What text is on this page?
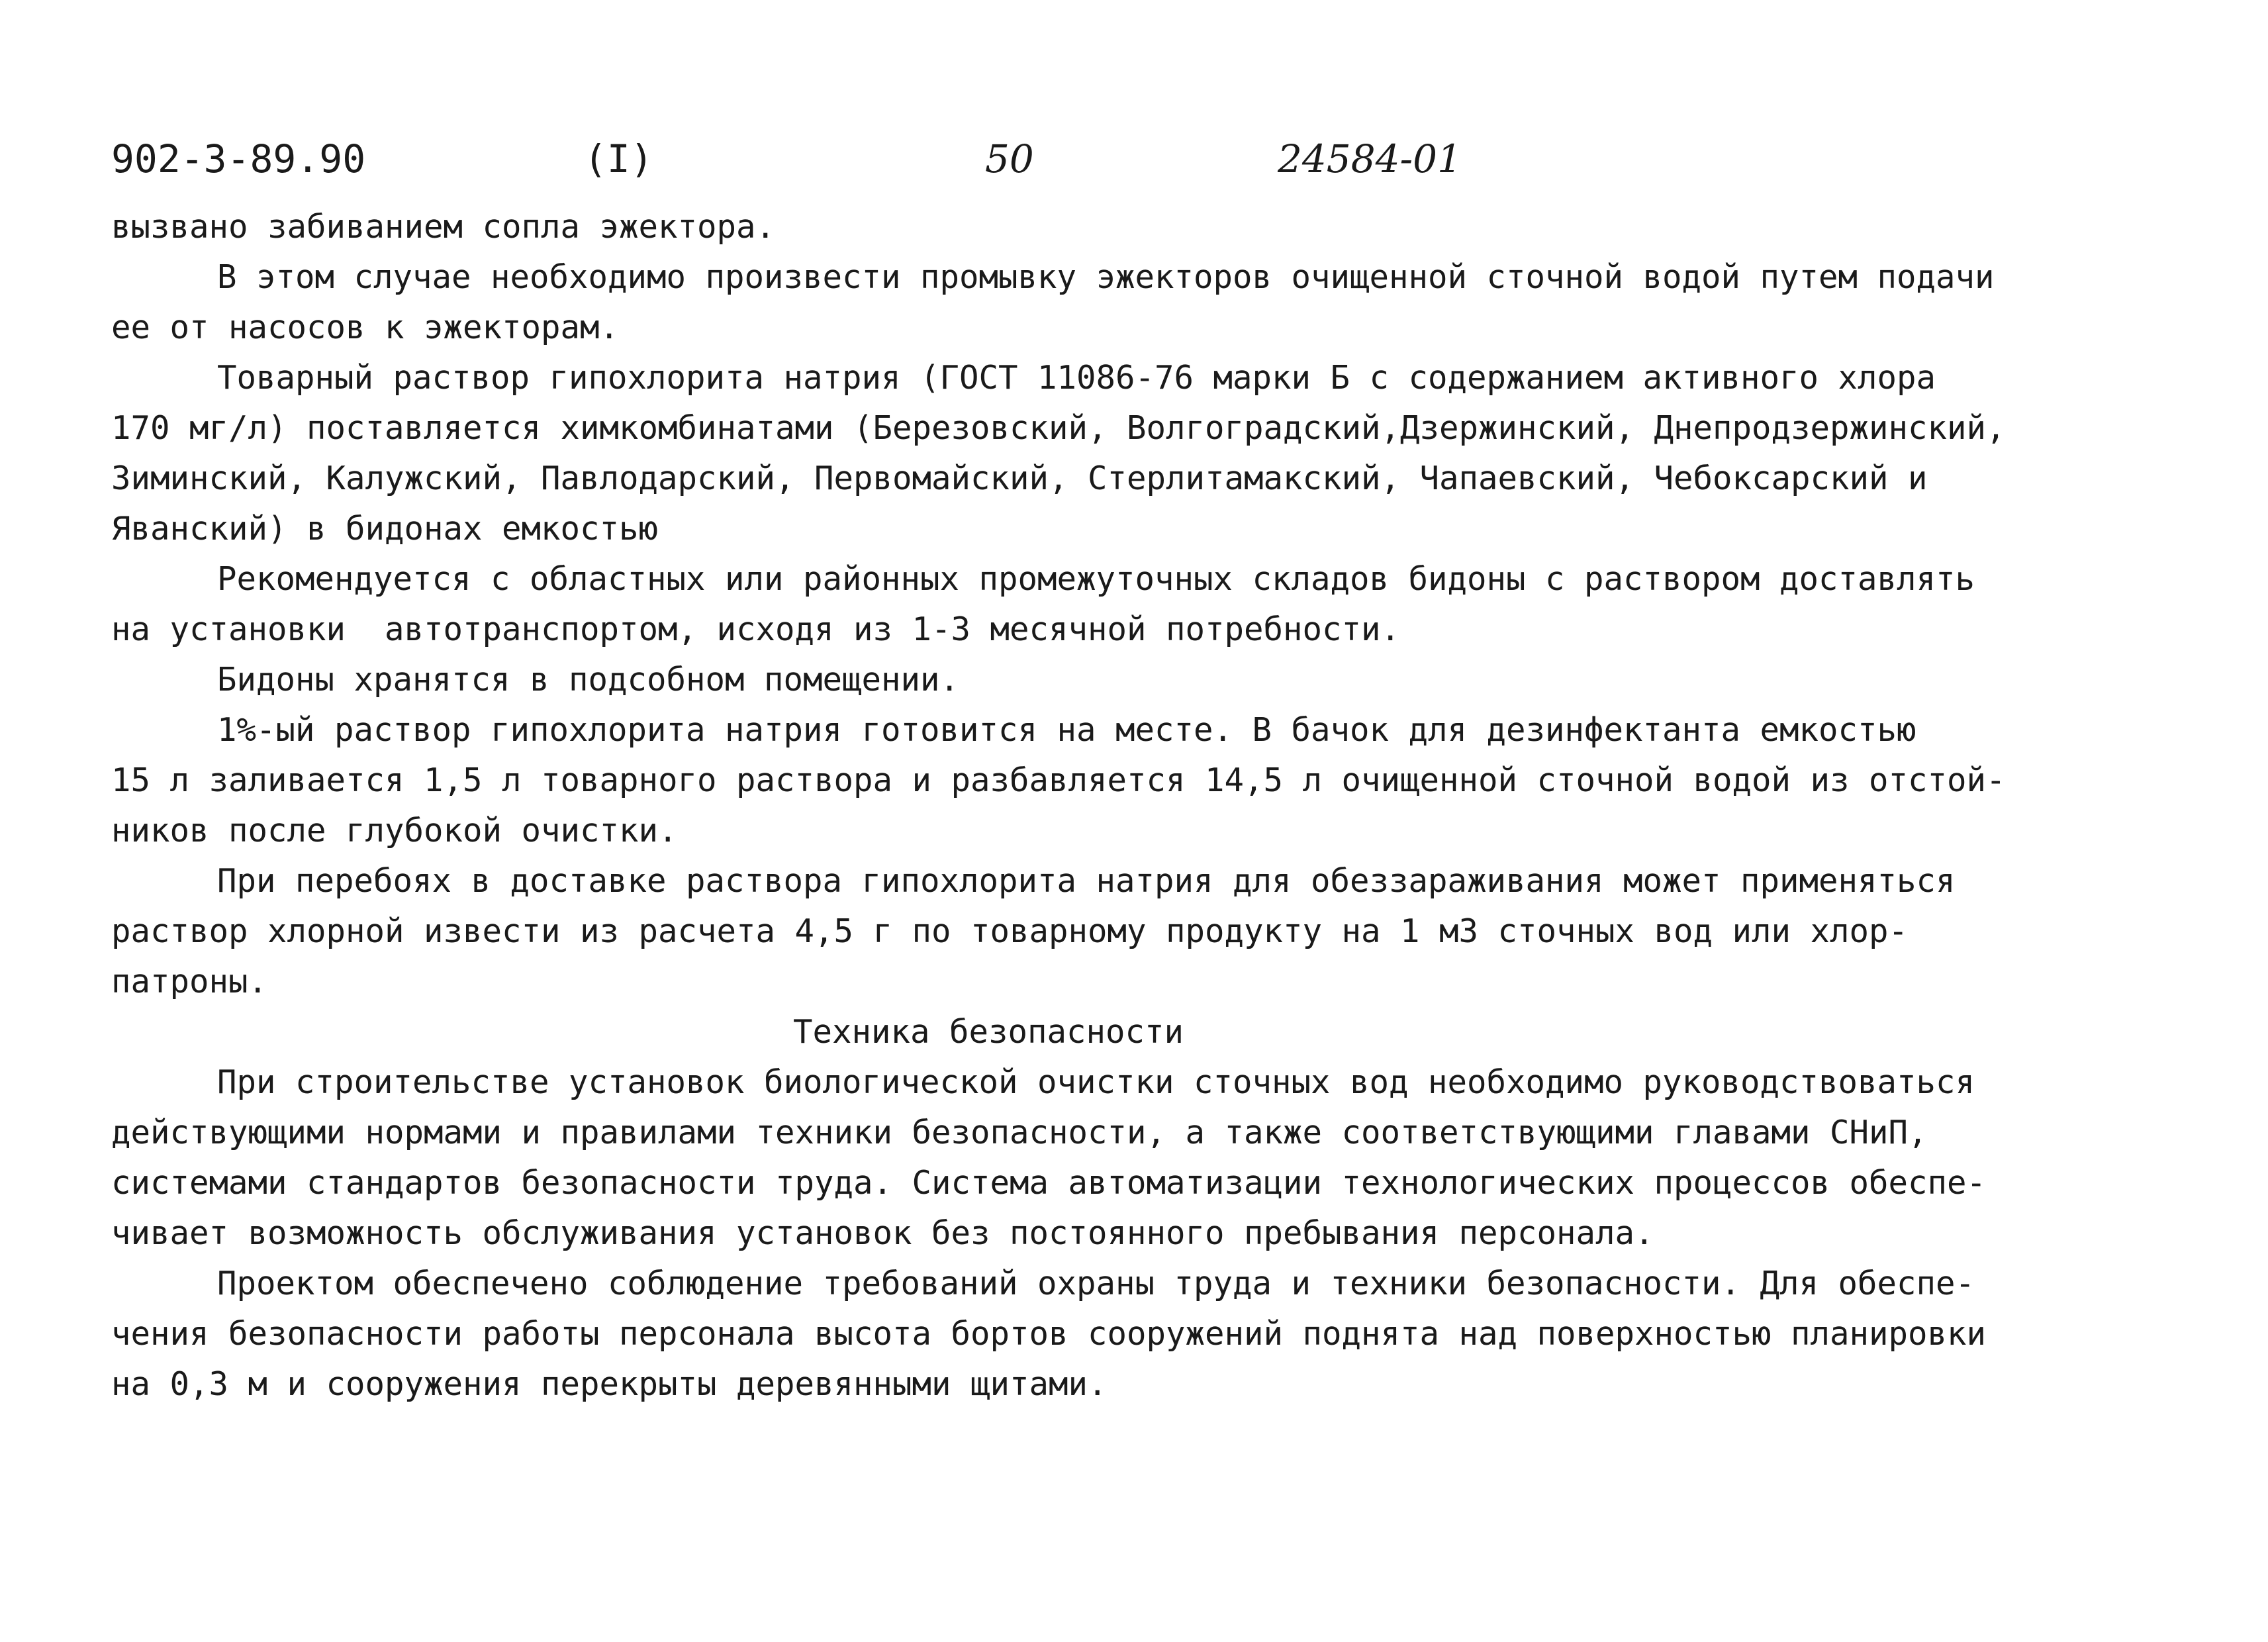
902-3-89.90	(I)	50	24584-01
вызвано забиванием сопла эжектора.
В этом случае необходимо произвести промывку эжекторов очищенной сточной водой путем подачи
ее от насосов к эжекторам.
Товарный раствор гипохлорита натрия (ГОСТ 11086-76 марки Б с содержанием активного хлора
170 мг/л) поставляется химкомбинатами (Березовский, Волгоградский,Дзержинский, Днепродзержинский,
Зиминский, Калужский, Павлодарский, Первомайский, Стерлитамакский, Чапаевский, Чебоксарский и
Яванский) в бидонах емкостью
Рекомендуется с областных или районных промежуточных складов бидоны с раствором доставлять
на установки  автотранспортом, исходя из 1-3 месячной потребности.
Бидоны хранятся в подсобном помещении.
1%-ый раствор гипохлорита натрия готовится на месте. В бачок для дезинфектанта емкостью
15 л заливается 1,5 л товарного раствора и разбавляется 14,5 л очищенной сточной водой из отстой-
ников после глубокой очистки.
При перебоях в доставке раствора гипохлорита натрия для обеззараживания может применяться
раствор хлорной извести из расчета 4,5 г по товарному продукту на 1 м3 сточных вод или хлор-
патроны.
Техника безопасности
При строительстве установок биологической очистки сточных вод необходимо руководствоваться
действующими нормами и правилами техники безопасности, а также соответствующими главами СНиП,
системами стандартов безопасности труда. Система автоматизации технологических процессов обеспе-
чивает возможность обслуживания установок без постоянного пребывания персонала.
Проектом обеспечено соблюдение требований охраны труда и техники безопасности. Для обеспе-
чения безопасности работы персонала высота бортов сооружений поднята над поверхностью планировки
на 0,3 м и сооружения перекрыты деревянными щитами.
